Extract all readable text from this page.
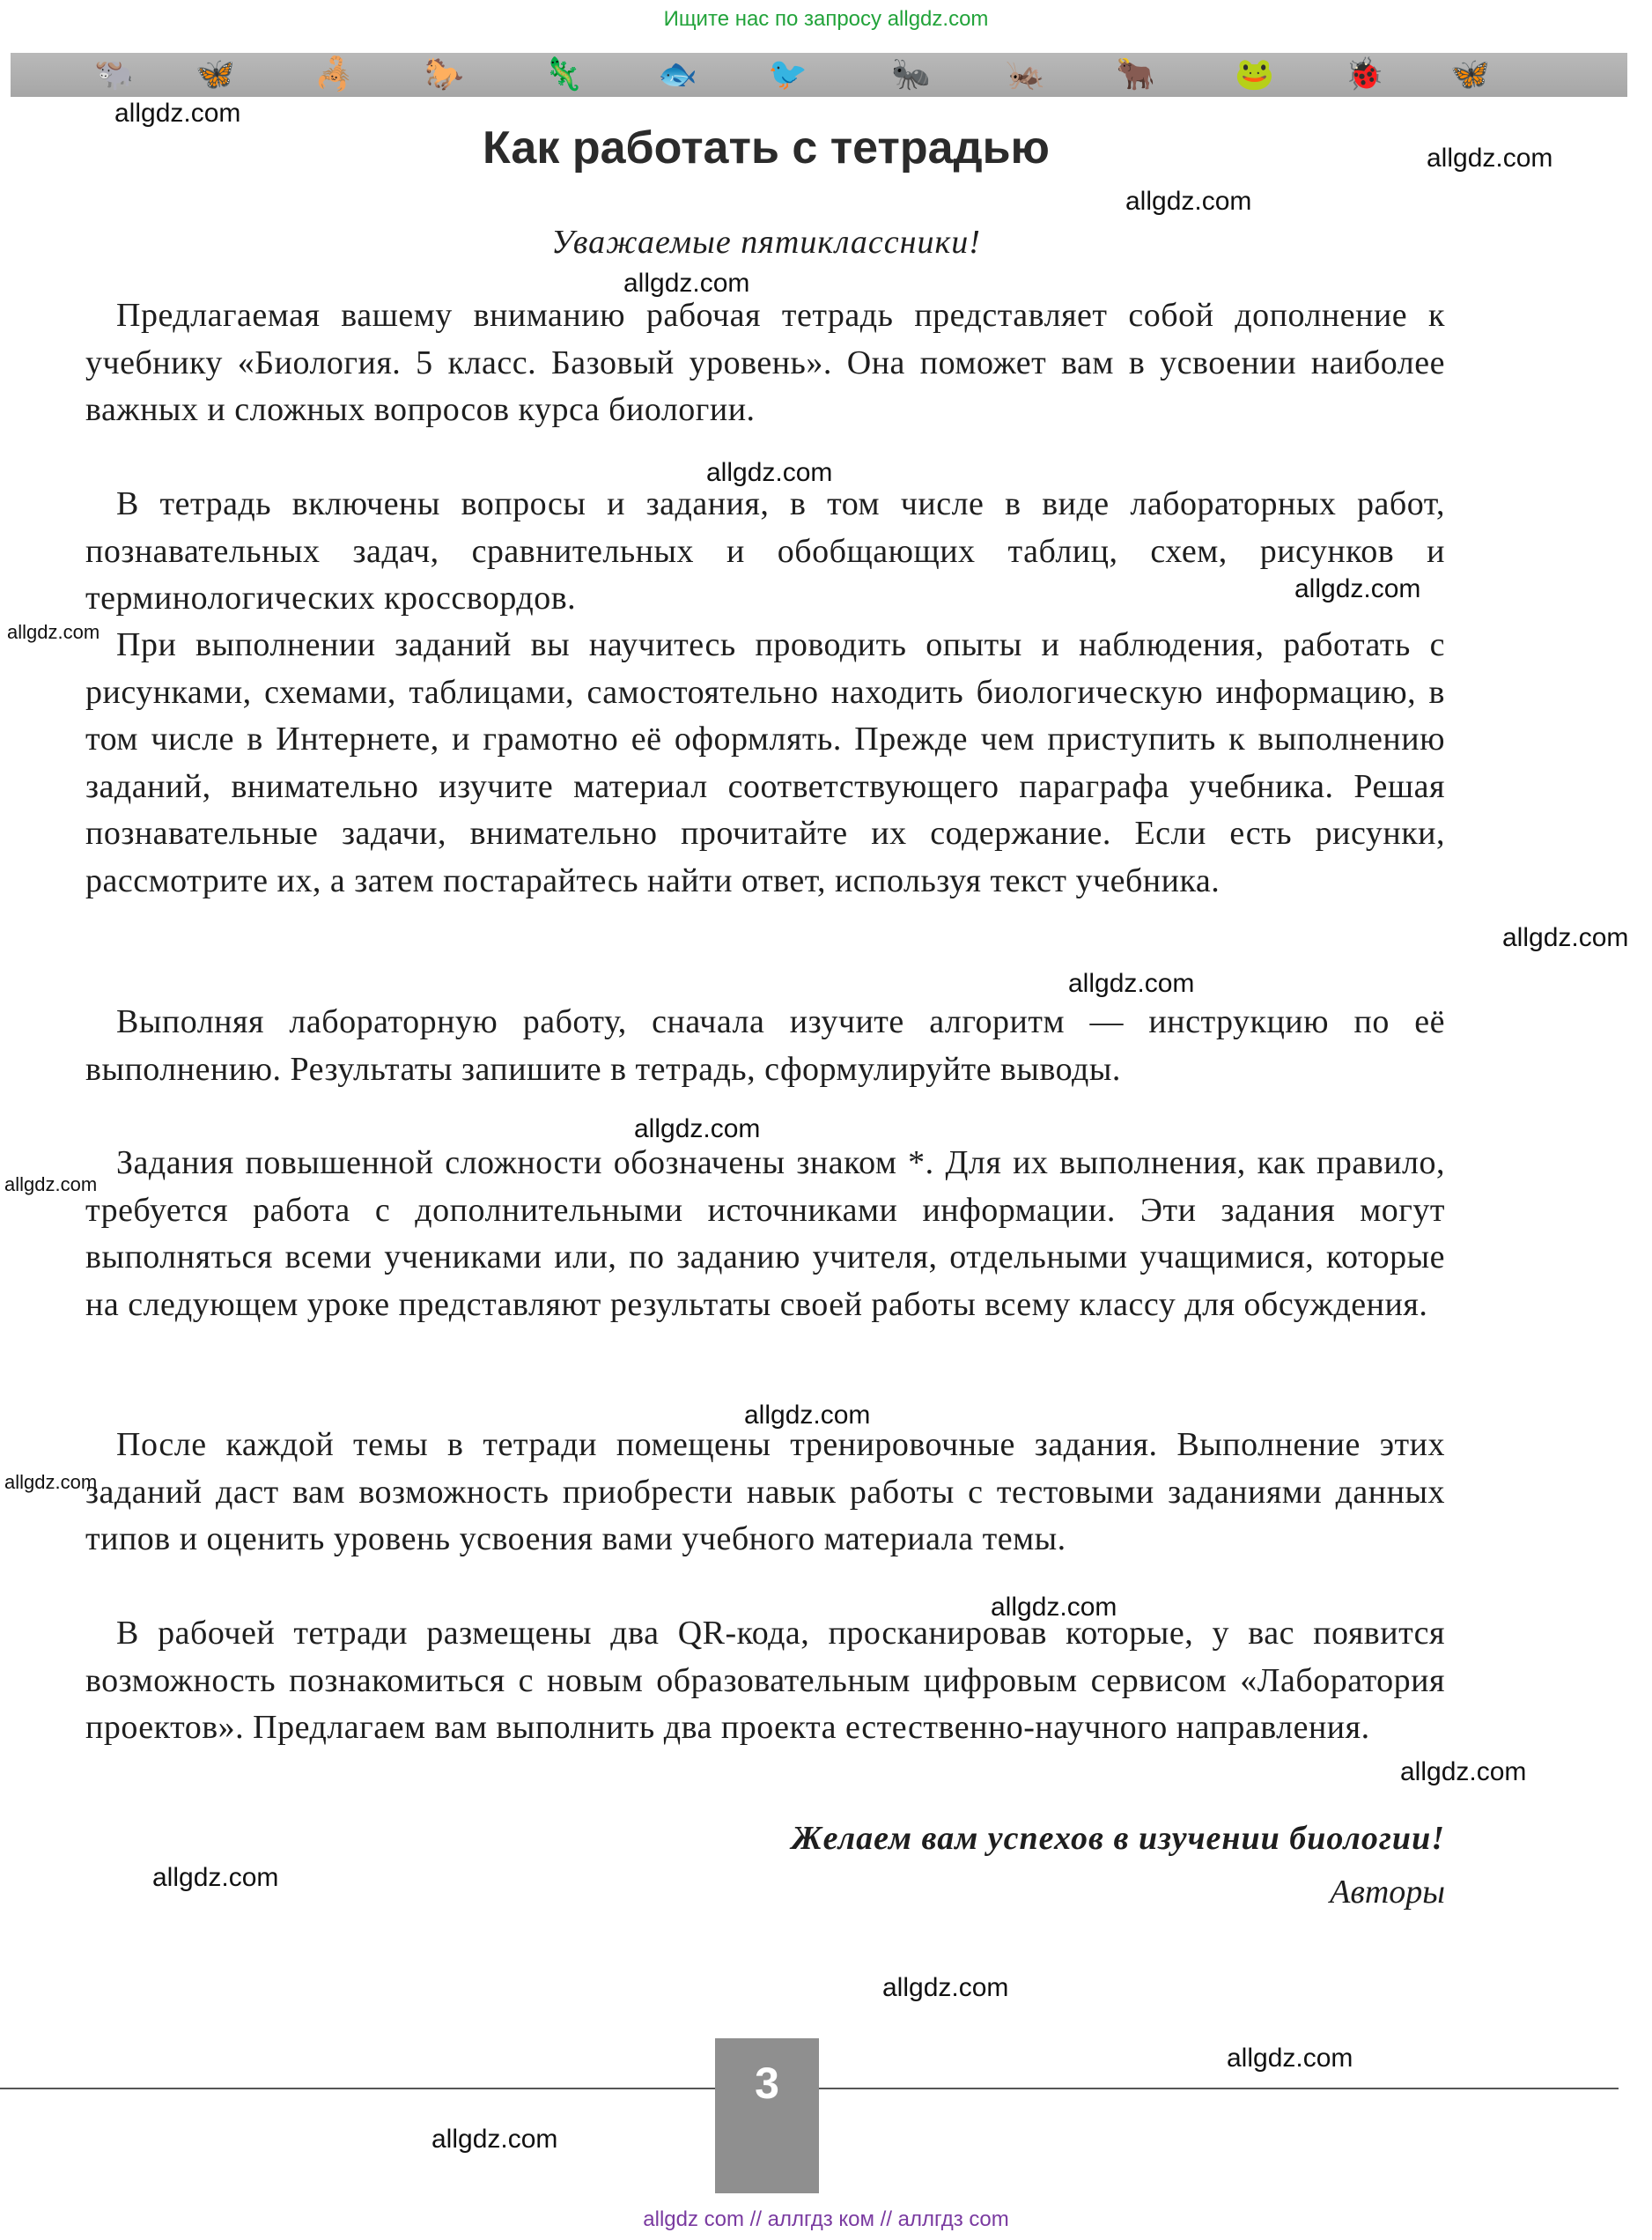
Ищите нас по запросу allgdz.com
🐃 🦋	🦂 🐎	🦎 🐟 🐦	🐜 🦗 🐂	🐸 🐞 🦋
Как работать с тетрадью
Уважаемые пятиклассники!

Предлагаемая вашему вниманию рабочая тетрадь представляет собой дополнение к учебнику «Биология. 5 класс. Базовый уровень». Она поможет вам в усвоении наиболее важных и сложных вопросов курса биологии.

В тетрадь включены вопросы и задания, в том числе в виде лабораторных работ, познавательных задач, сравнительных и обобщающих таблиц, схем, рисунков и терминологических кроссвордов.

При выполнении заданий вы научитесь проводить опыты и наблюдения, работать с рисунками, схемами, таблицами, самостоятельно находить биологическую информацию, в том числе в Интернете, и грамотно её оформлять. Прежде чем приступить к выполнению заданий, внимательно изучите материал соответствующего параграфа учебника. Решая познавательные задачи, внимательно прочитайте их содержание. Если есть рисунки, рассмотрите их, а затем постарайтесь найти ответ, используя текст учебника.

Выполняя лабораторную работу, сначала изучите алгоритм — инструкцию по её выполнению. Результаты запишите в тетрадь, сформулируйте выводы.

Задания повышенной сложности обозначены знаком *. Для их выполнения, как правило, требуется работа с дополнительными источниками информации. Эти задания могут выполняться всеми учениками или, по заданию учителя, отдельными учащимися, которые на следующем уроке представляют результаты своей работы всему классу для обсуждения.

После каждой темы в тетради помещены тренировочные задания. Выполнение этих заданий даст вам возможность приобрести навык работы с тестовыми заданиями данных типов и оценить уровень усвоения вами учебного материала темы.

В рабочей тетради размещены два QR-кода, просканировав которые, у вас появится возможность познакомиться с новым образовательным цифровым сервисом «Лаборатория проектов». Предлагаем вам выполнить два проекта естественно-научного направления.

Желаем вам успехов в изучении биологии!
Авторы
3
allgdz.com
allgdz.com
allgdz.com
allgdz.com
allgdz.com
allgdz.com
allgdz.com
allgdz.com
allgdz.com
allgdz.com
allgdz.com
allgdz.com
allgdz.com
allgdz.com
allgdz.com
allgdz.com
allgdz.com
allgdz.com
allgdz.com
allgdz com // аллгдз ком // аллгдз com
